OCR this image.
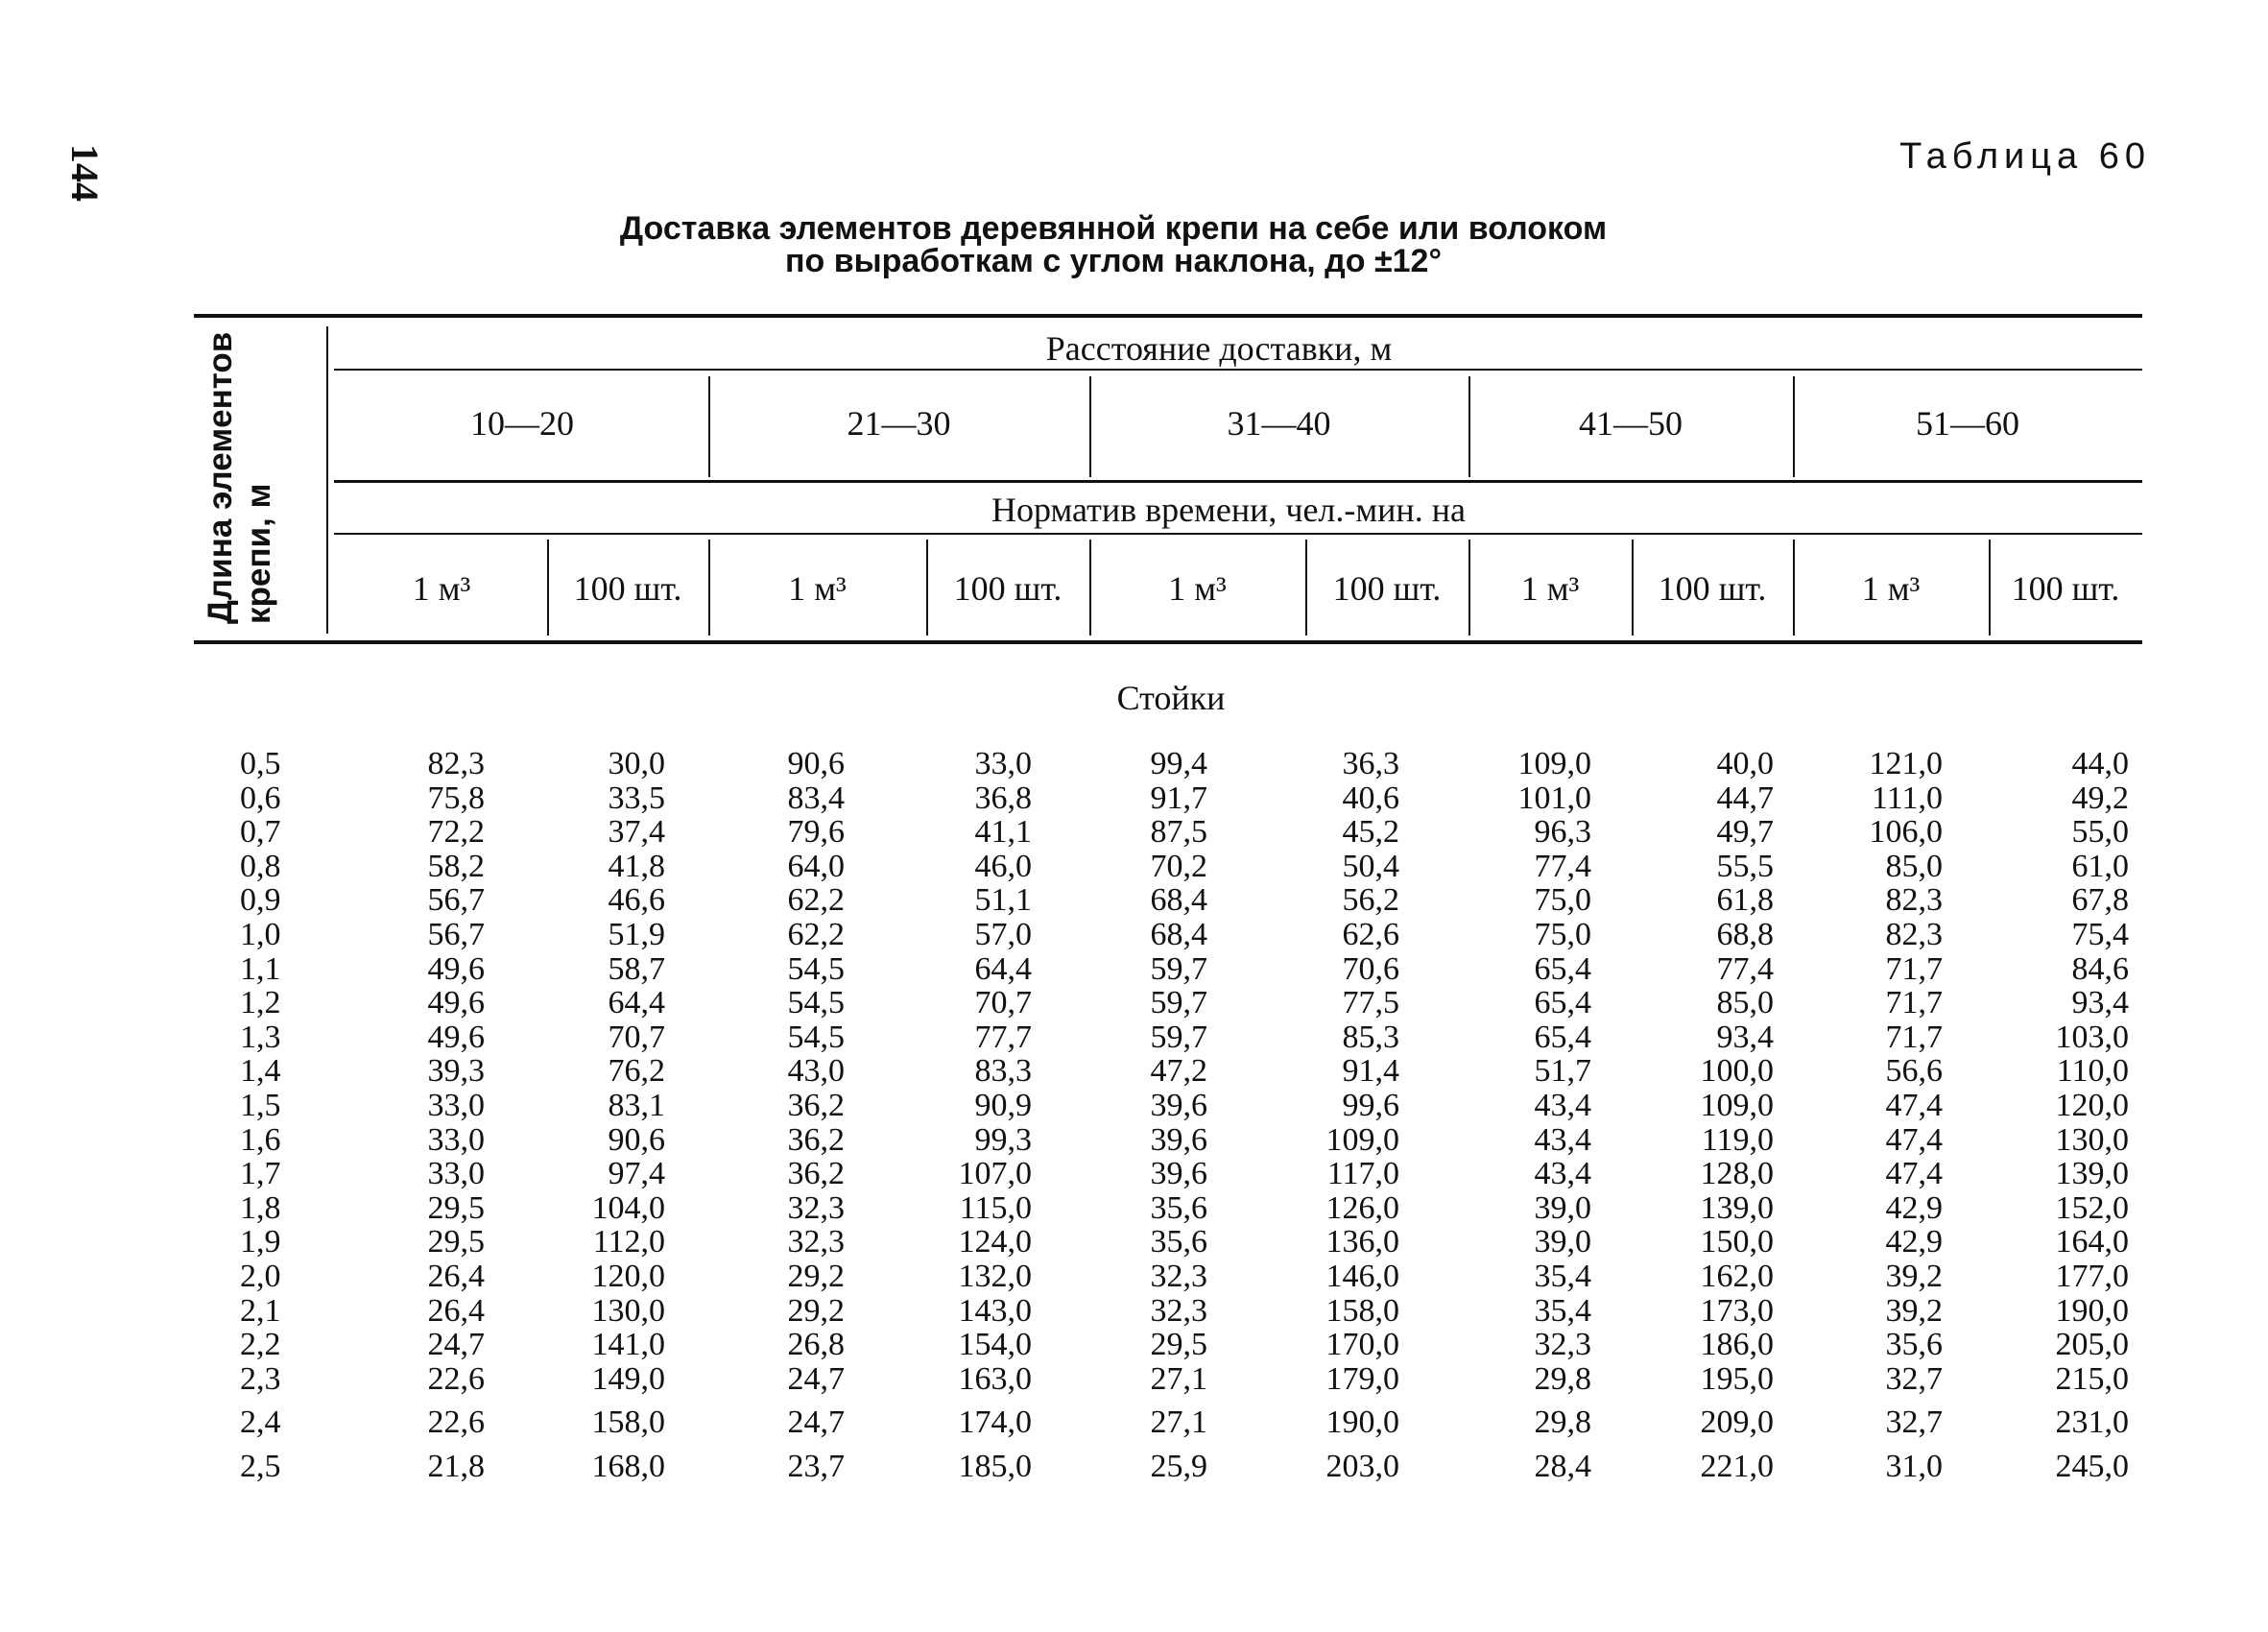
144	Таблица 60
Доставка элементов деревянной крепи на себе или волоком
по выработкам с углом наклона, до ±12°
Длина элементов крепи, м
Расстояние доставки, м
10—20	21—30	31—40	41—50	51—60
Норматив времени, чел.-мин. на
1 м³	100 шт.	1 м³	100 шт.	1 м³	100 шт.	1 м³	100 шт.	1 м³	100 шт.
Стойки
0,5	82,3	30,0	90,6	33,0	99,4	36,3	109,0	40,0	121,0	44,0
0,6	75,8	33,5	83,4	36,8	91,7	40,6	101,0	44,7	111,0	49,2
0,7	72,2	37,4	79,6	41,1	87,5	45,2	96,3	49,7	106,0	55,0
0,8	58,2	41,8	64,0	46,0	70,2	50,4	77,4	55,5	85,0	61,0
0,9	56,7	46,6	62,2	51,1	68,4	56,2	75,0	61,8	82,3	67,8
1,0	56,7	51,9	62,2	57,0	68,4	62,6	75,0	68,8	82,3	75,4
1,1	49,6	58,7	54,5	64,4	59,7	70,6	65,4	77,4	71,7	84,6
1,2	49,6	64,4	54,5	70,7	59,7	77,5	65,4	85,0	71,7	93,4
1,3	49,6	70,7	54,5	77,7	59,7	85,3	65,4	93,4	71,7	103,0
1,4	39,3	76,2	43,0	83,3	47,2	91,4	51,7	100,0	56,6	110,0
1,5	33,0	83,1	36,2	90,9	39,6	99,6	43,4	109,0	47,4	120,0
1,6	33,0	90,6	36,2	99,3	39,6	109,0	43,4	119,0	47,4	130,0
1,7	33,0	97,4	36,2	107,0	39,6	117,0	43,4	128,0	47,4	139,0
1,8	29,5	104,0	32,3	115,0	35,6	126,0	39,0	139,0	42,9	152,0
1,9	29,5	112,0	32,3	124,0	35,6	136,0	39,0	150,0	42,9	164,0
2,0	26,4	120,0	29,2	132,0	32,3	146,0	35,4	162,0	39,2	177,0
2,1	26,4	130,0	29,2	143,0	32,3	158,0	35,4	173,0	39,2	190,0
2,2	24,7	141,0	26,8	154,0	29,5	170,0	32,3	186,0	35,6	205,0
2,3	22,6	149,0	24,7	163,0	27,1	179,0	29,8	195,0	32,7	215,0
2,4	22,6	158,0	24,7	174,0	27,1	190,0	29,8	209,0	32,7	231,0
2,5	21,8	168,0	23,7	185,0	25,9	203,0	28,4	221,0	31,0	245,0
